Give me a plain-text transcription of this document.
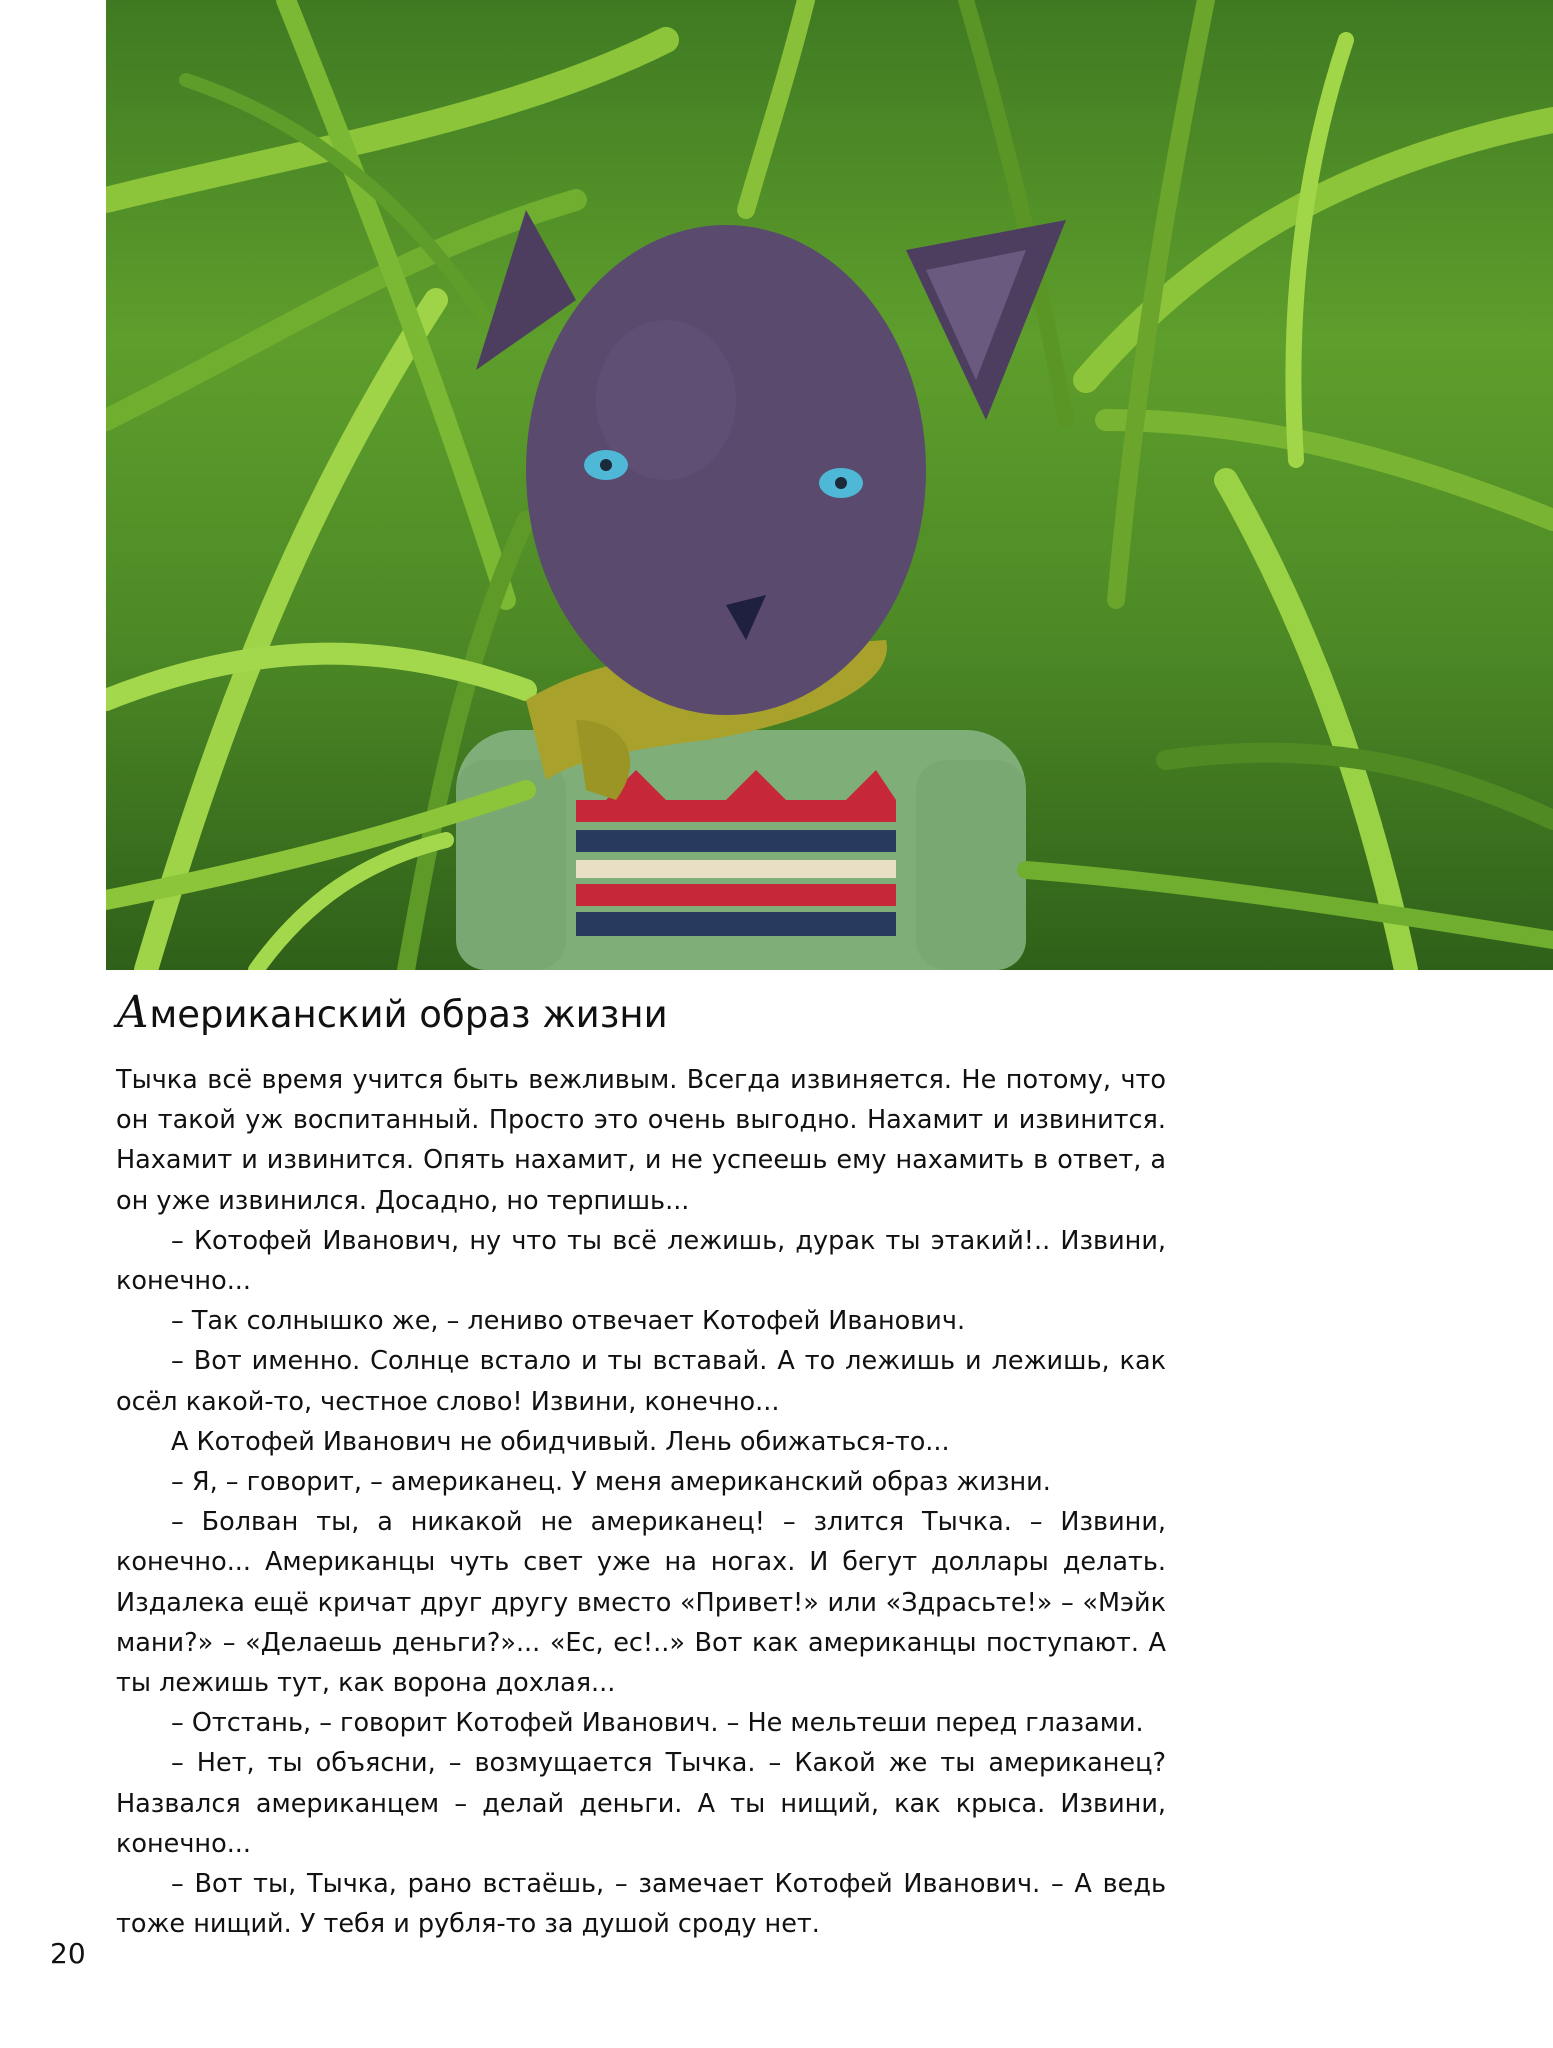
Американский образ жизни

Тычка всё время учится быть вежливым. Всегда извиняется. Не потому, что он такой уж воспитанный. Просто это очень выгодно. Нахамит и извинится. Нахамит и извинится. Опять нахамит, и не успеешь ему нахамить в ответ, а он уже извинился. Досадно, но терпишь...

– Котофей Иванович, ну что ты всё лежишь, дурак ты этакий!.. Извини, конечно...

– Так солнышко же, – лениво отвечает Котофей Иванович.

– Вот именно. Солнце встало и ты вставай. А то лежишь и лежишь, как осёл какой-то, честное слово! Извини, конечно...

А Котофей Иванович не обидчивый. Лень обижаться-то...

– Я, – говорит, – американец. У меня американский образ жизни.

– Болван ты, а никакой не американец! – злится Тычка. – Извини, конечно... Американцы чуть свет уже на ногах. И бегут доллары делать. Издалека ещё кричат друг другу вместо «Привет!» или «Здрасьте!» – «Мэйк мани?» – «Делаешь деньги?»... «Ес, ес!..» Вот как американцы поступают. А ты лежишь тут, как ворона дохлая...

– Отстань, – говорит Котофей Иванович. – Не мельтеши перед глазами.

– Нет, ты объясни, – возмущается Тычка. – Какой же ты американец? Назвался американцем – делай деньги. А ты нищий, как крыса. Извини, конечно...

– Вот ты, Тычка, рано встаёшь, – замечает Котофей Иванович. – А ведь тоже нищий. У тебя и рубля-то за душой сроду нет.

20
